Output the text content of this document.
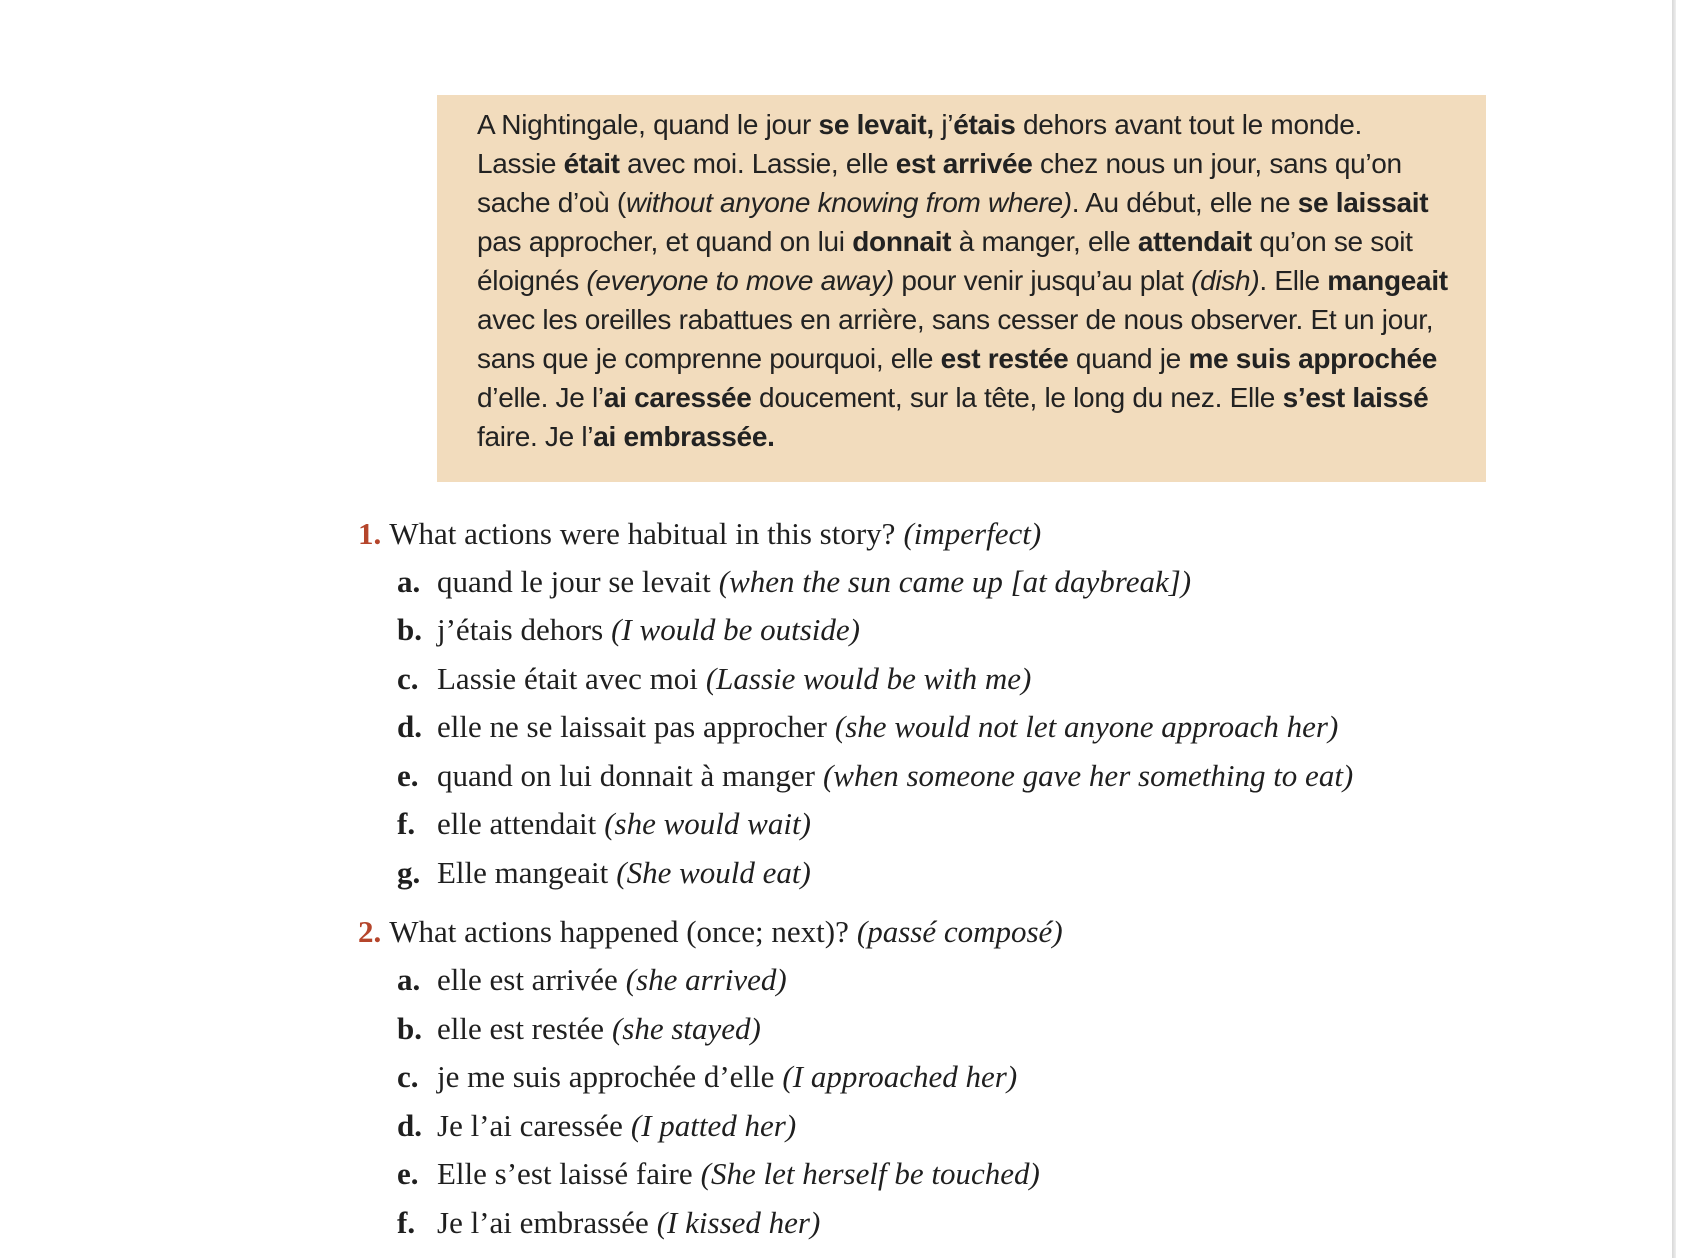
A Nightingale, quand le jour se levait, j’étais dehors avant tout le monde.
Lassie était avec moi. Lassie, elle est arrivée chez nous un jour, sans qu’on
sache d’où (without anyone knowing from where). Au début, elle ne se laissait
pas approcher, et quand on lui donnait à manger, elle attendait qu’on se soit
éloignés (everyone to move away) pour venir jusqu’au plat (dish). Elle mangeait
avec les oreilles rabattues en arrière, sans cesser de nous observer. Et un jour,
sans que je comprenne pourquoi, elle est restée quand je me suis approchée
d’elle. Je l’ai caressée doucement, sur la tête, le long du nez. Elle s’est laissé
faire. Je l’ai embrassée.

1. What actions were habitual in this story? (imperfect)
a. quand le jour se levait (when the sun came up [at daybreak])
b. j’étais dehors (I would be outside)
c. Lassie était avec moi (Lassie would be with me)
d. elle ne se laissait pas approcher (she would not let anyone approach her)
e. quand on lui donnait à manger (when someone gave her something to eat)
f. elle attendait (she would wait)
g. Elle mangeait (She would eat)
2. What actions happened (once; next)? (passé composé)
a. elle est arrivée (she arrived)
b. elle est restée (she stayed)
c. je me suis approchée d’elle (I approached her)
d. Je l’ai caressée (I patted her)
e. Elle s’est laissé faire (She let herself be touched)
f. Je l’ai embrassée (I kissed her)
